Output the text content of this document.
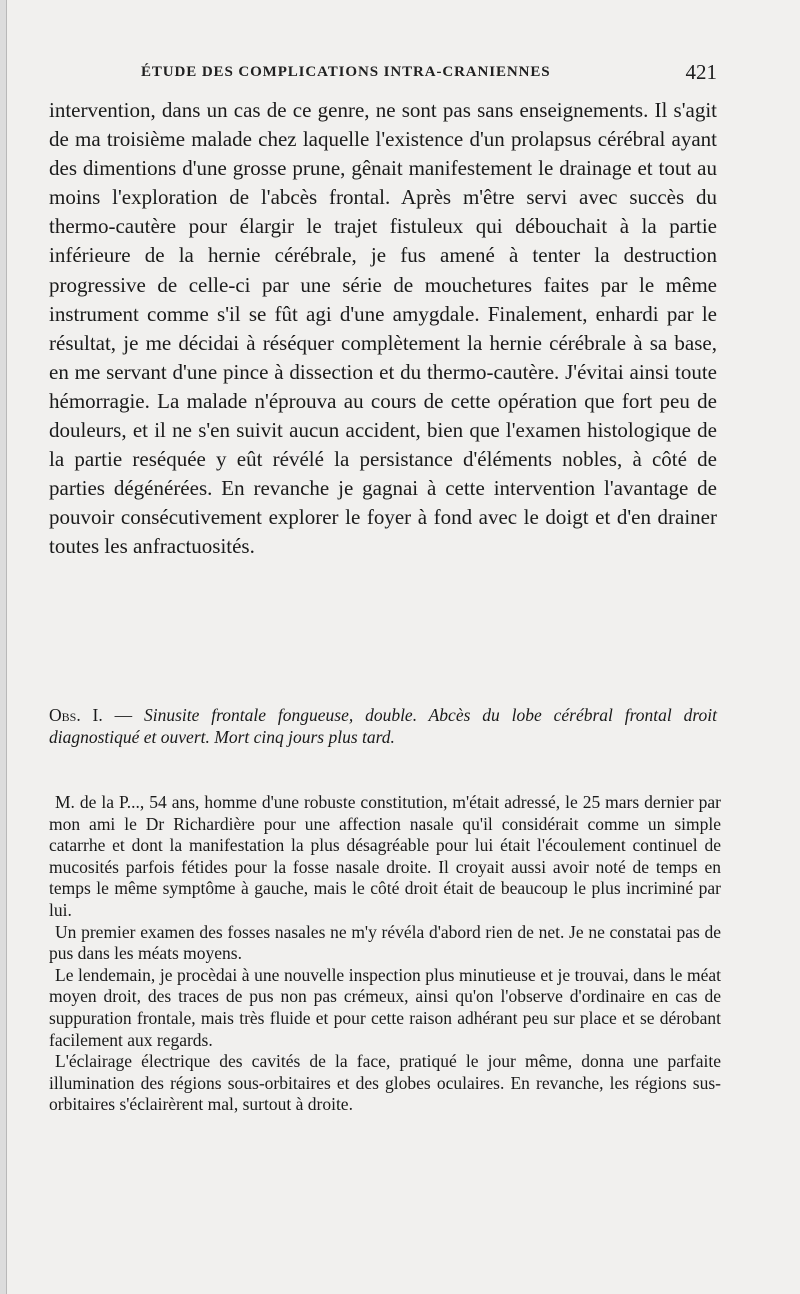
ÉTUDE DES COMPLICATIONS INTRA-CRANIENNES	421

intervention, dans un cas de ce genre, ne sont pas sans enseignements. Il s'agit de ma troisième malade chez laquelle l'existence d'un prolapsus cérébral ayant des dimentions d'une grosse prune, gênait manifestement le drainage et tout au moins l'exploration de l'abcès frontal. Après m'être servi avec succès du thermo-cautère pour élargir le trajet fistuleux qui débouchait à la partie inférieure de la hernie cérébrale, je fus amené à tenter la destruction progressive de celle-ci par une série de mouchetures faites par le même instrument comme s'il se fût agi d'une amygdale. Finalement, enhardi par le résultat, je me décidai à réséquer complètement la hernie cérébrale à sa base, en me servant d'une pince à dissection et du thermo-cautère. J'évitai ainsi toute hémorragie. La malade n'éprouva au cours de cette opération que fort peu de douleurs, et il ne s'en suivit aucun accident, bien que l'examen histologique de la partie reséquée y eût révélé la persistance d'éléments nobles, à côté de parties dégénérées. En revanche je gagnai à cette intervention l'avantage de pouvoir consécutivement explorer le foyer à fond avec le doigt et d'en drainer toutes les anfractuosités.

Obs. I. — Sinusite frontale fongueuse, double. Abcès du lobe cérébral frontal droit diagnostiqué et ouvert. Mort cinq jours plus tard.

M. de la P..., 54 ans, homme d'une robuste constitution, m'était adressé, le 25 mars dernier par mon ami le Dr Richardière pour une affection nasale qu'il considérait comme un simple catarrhe et dont la manifestation la plus désagréable pour lui était l'écoulement continuel de mucosités parfois fétides pour la fosse nasale droite. Il croyait aussi avoir noté de temps en temps le même symptôme à gauche, mais le côté droit était de beaucoup le plus incriminé par lui.

Un premier examen des fosses nasales ne m'y révéla d'abord rien de net. Je ne constatai pas de pus dans les méats moyens.

Le lendemain, je procèdai à une nouvelle inspection plus minutieuse et je trouvai, dans le méat moyen droit, des traces de pus non pas crémeux, ainsi qu'on l'observe d'ordinaire en cas de suppuration frontale, mais très fluide et pour cette raison adhérant peu sur place et se dérobant facilement aux regards.

L'éclairage électrique des cavités de la face, pratiqué le jour même, donna une parfaite illumination des régions sous-orbitaires et des globes oculaires. En revanche, les régions sus-orbitaires s'éclairèrent mal, surtout à droite.
